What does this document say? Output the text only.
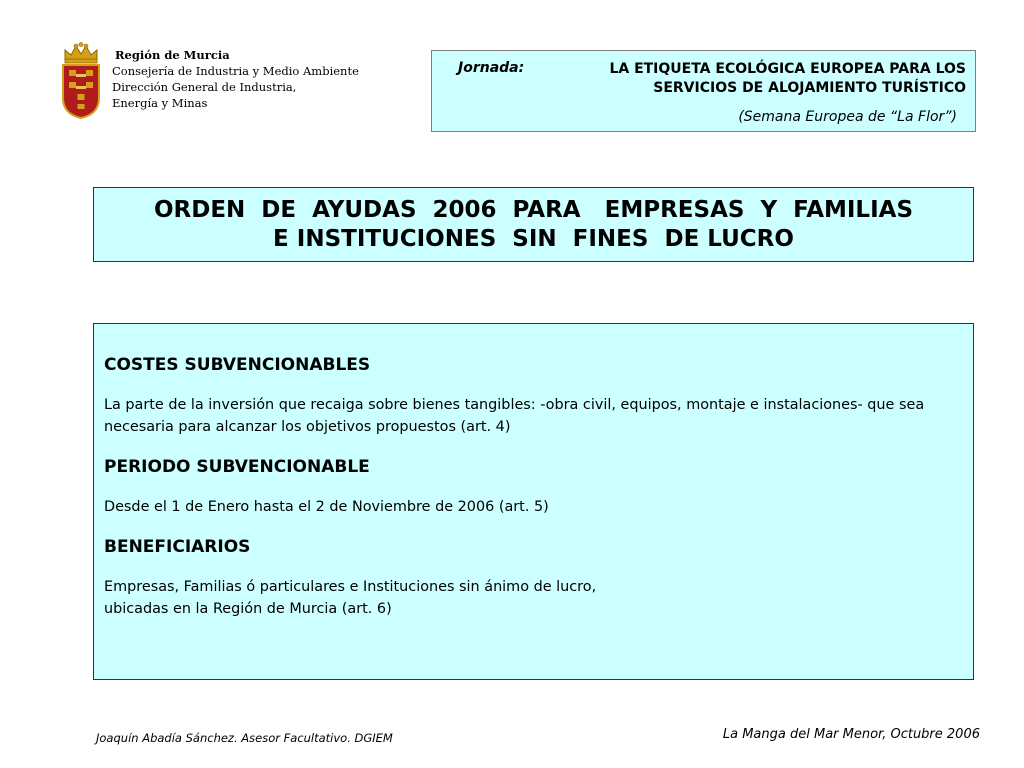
Región de Murcia
Consejería de Industria y Medio Ambiente
Dirección General de Industria,
Energía y Minas
Jornada:	LA ETIQUETA ECOLÓGICA EUROPEA PARA LOS
SERVICIOS DE ALOJAMIENTO TURÍSTICO
(Semana Europea de “La Flor”)
ORDEN  DE  AYUDAS  2006  PARA   EMPRESAS  Y  FAMILIAS
E INSTITUCIONES  SIN  FINES  DE LUCRO
COSTES SUBVENCIONABLES
La parte de la inversión que recaiga sobre bienes tangibles: -obra civil, equipos, montaje e instalaciones- que sea necesaria para alcanzar los objetivos propuestos (art. 4)
PERIODO SUBVENCIONABLE
Desde el 1 de Enero hasta el 2 de Noviembre de 2006 (art. 5)
BENEFICIARIOS
Empresas, Familias ó particulares e Instituciones sin ánimo de lucro,
ubicadas en la Región de Murcia (art. 6)
Joaquín Abadía Sánchez. Asesor Facultativo. DGIEM	La Manga del Mar Menor, Octubre 2006
